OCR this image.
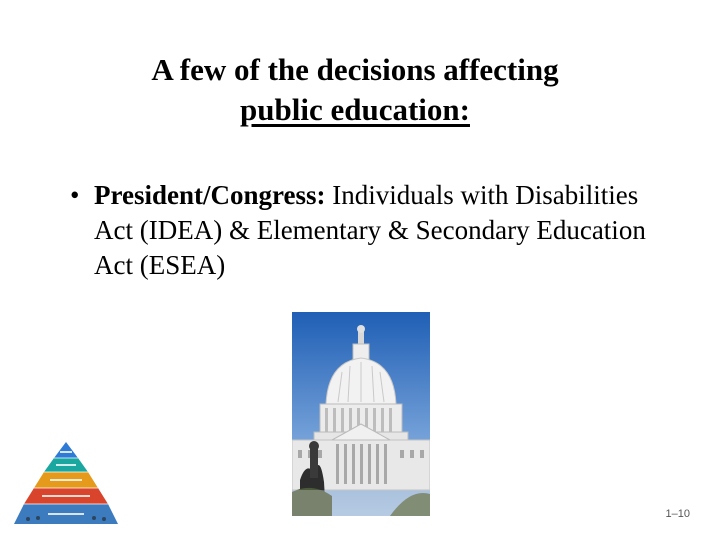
A few of the decisions affecting
public education:
• President/Congress: Individuals with Disabilities Act (IDEA) & Elementary & Secondary Education Act (ESEA)
1–10
